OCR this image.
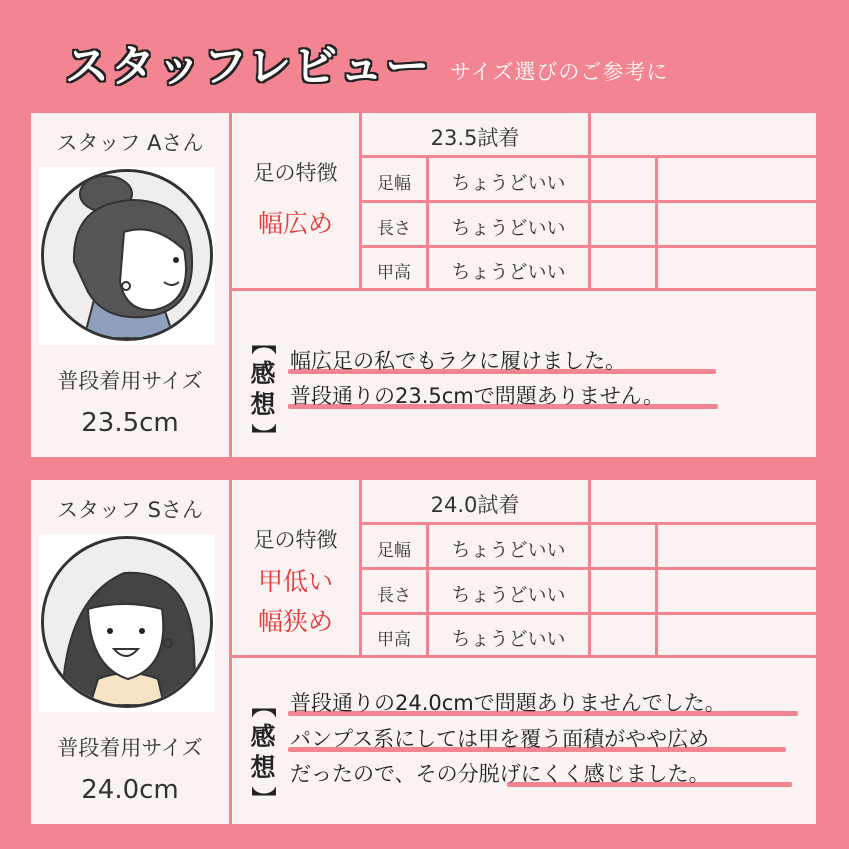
スタッフレビュー サイズ選びのご参考に
スタッフ Aさん
普段着用サイズ
23.5cm
足の特徴
幅広め
23.5試着
足幅	ちょうどいい
長さ	ちょうどいい
甲高	ちょうどいい
【
感
想
】
幅広足の私でもラクに履けました。
普段通りの23.5cmで問題ありません。
スタッフ Sさん
普段着用サイズ
24.0cm
足の特徴
甲低い
幅狭め
24.0試着
足幅	ちょうどいい
長さ	ちょうどいい
甲高	ちょうどいい
【
感
想
】
普段通りの24.0cmで問題ありませんでした。
パンプス系にしては甲を覆う面積がやや広め
だったので、その分脱げにくく感じました。
